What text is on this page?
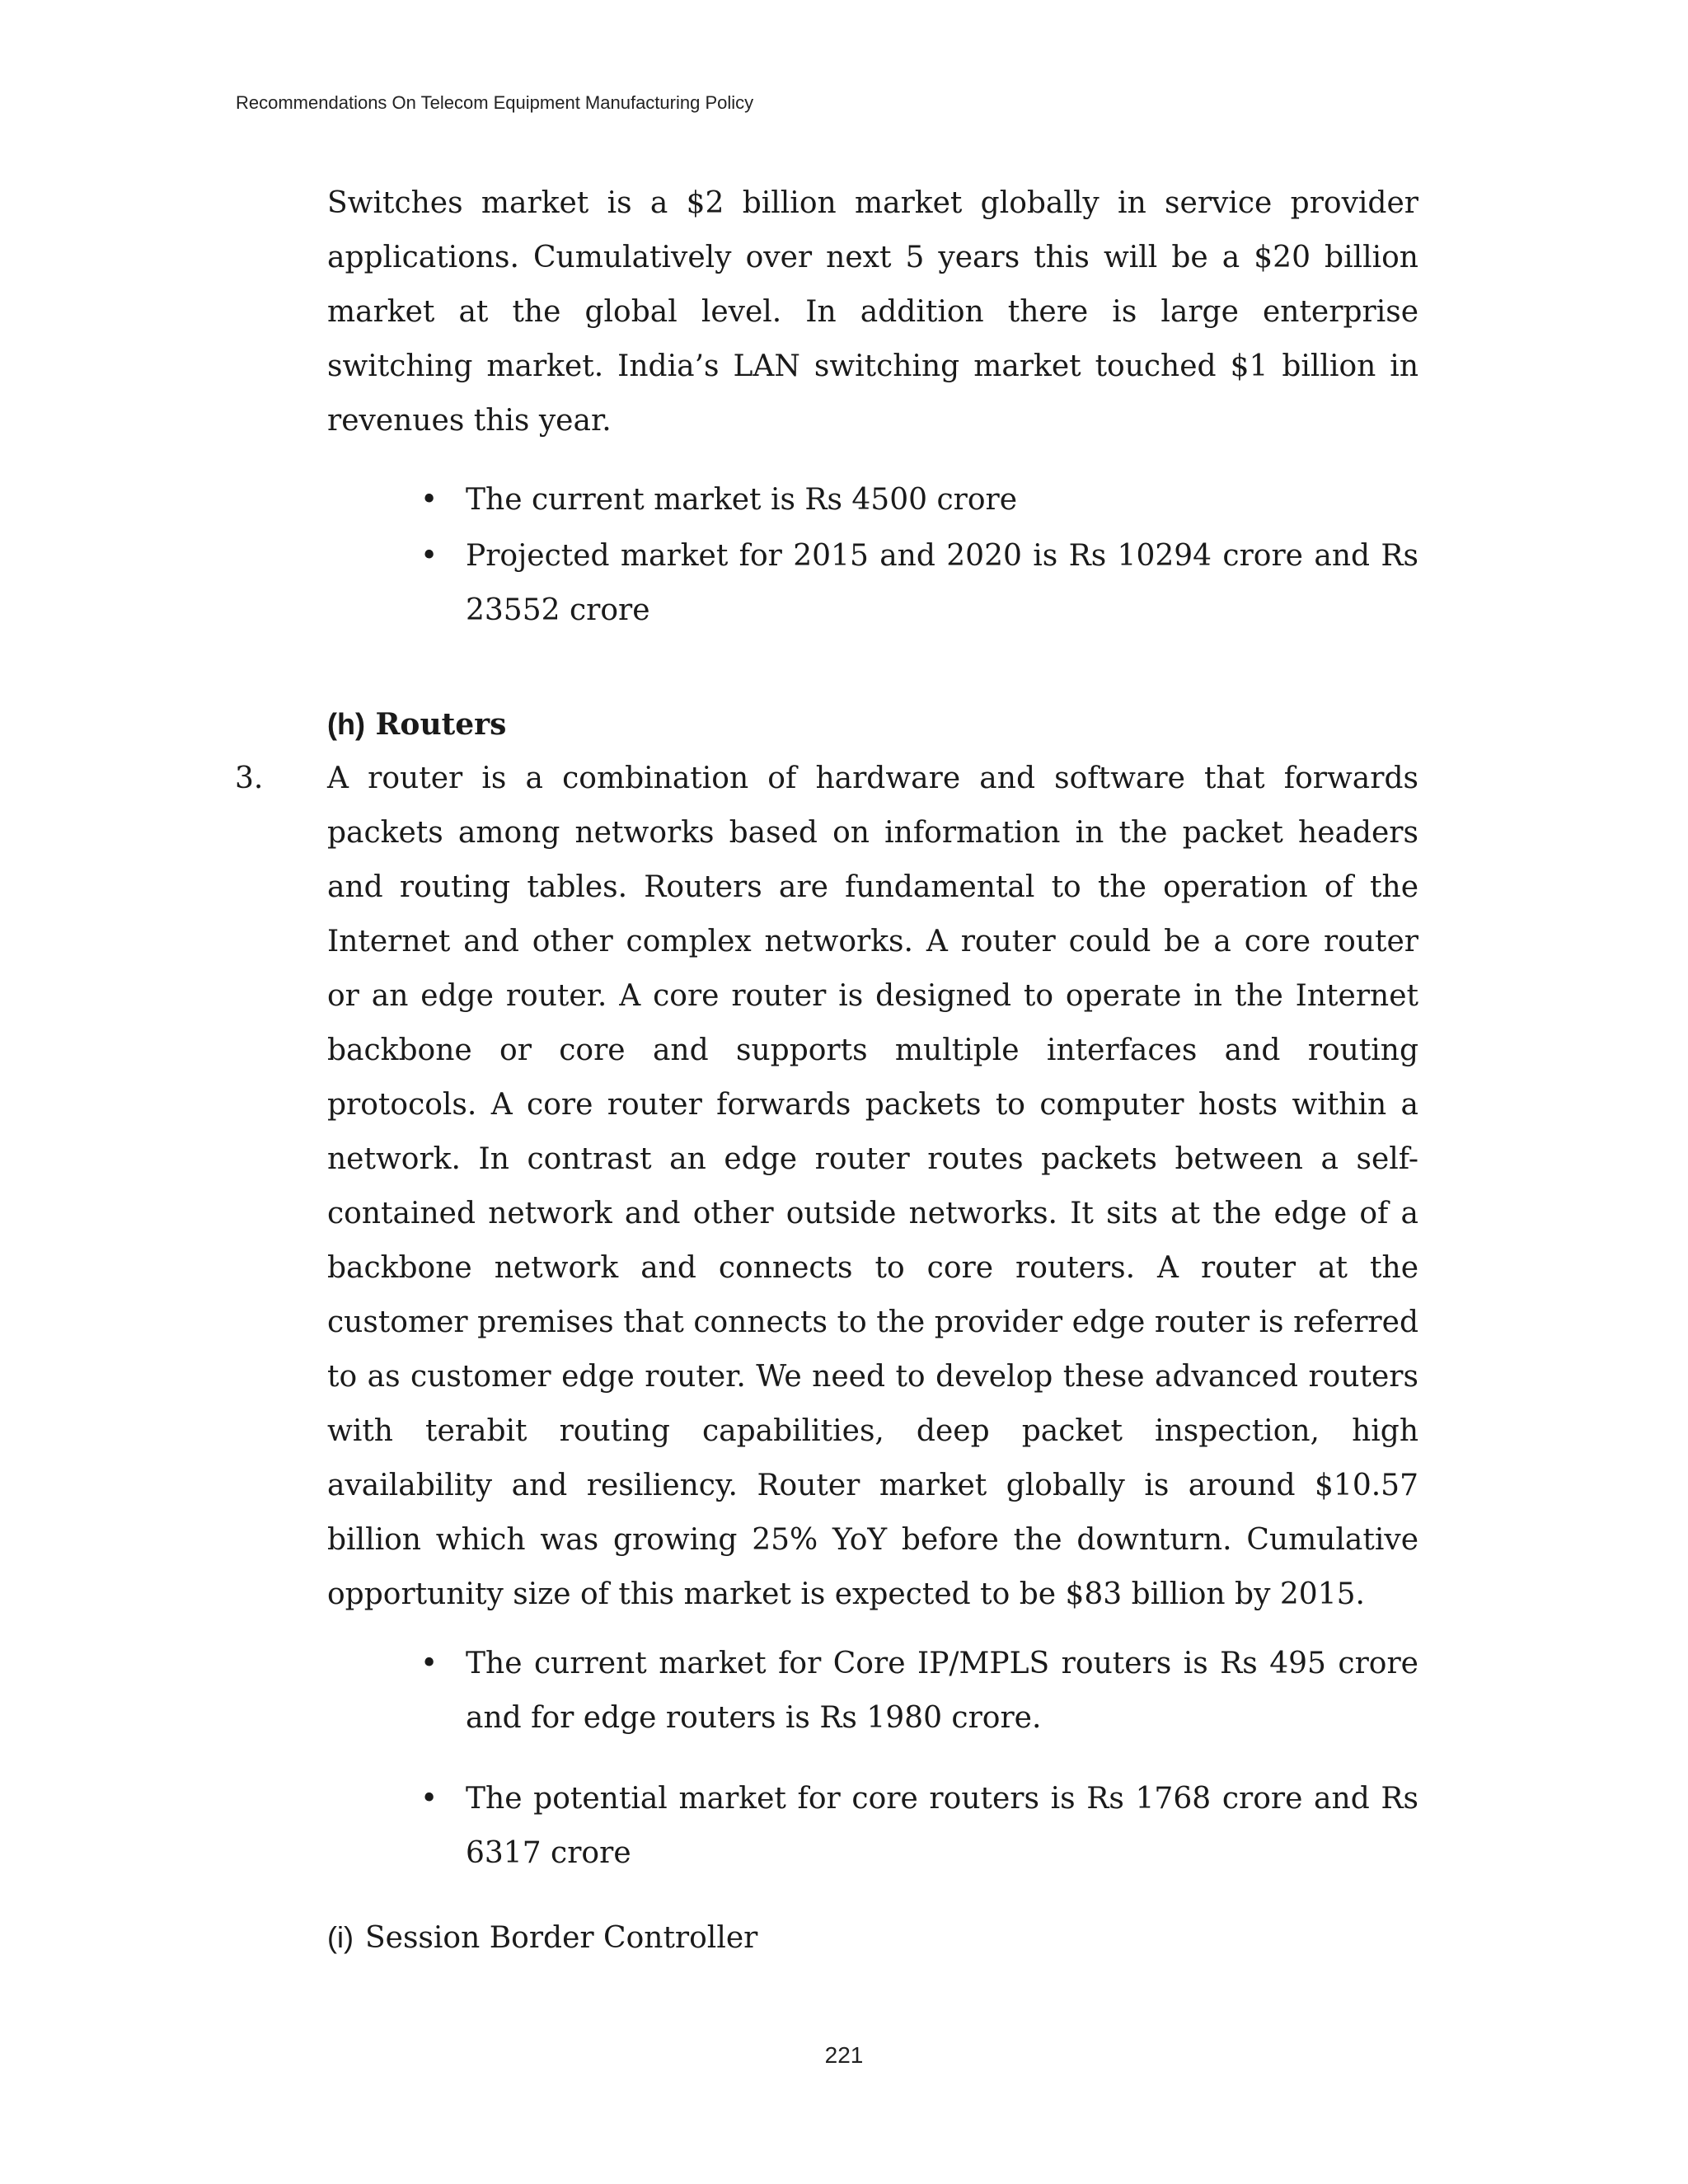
Recommendations On Telecom Equipment Manufacturing Policy

Switches market is a $2 billion market globally in service provider applications. Cumulatively over next 5 years this will be a $20 billion market at the global level. In addition there is large enterprise switching market. India’s LAN switching market touched $1 billion in revenues this year.

• The current market is Rs 4500 crore
• Projected market for 2015 and 2020 is Rs 10294 crore and Rs 23552 crore
(h) Routers
3. A router is a combination of hardware and software that forwards packets among networks based on information in the packet headers and routing tables. Routers are fundamental to the operation of the Internet and other complex networks. A router could be a core router or an edge router. A core router is designed to operate in the Internet backbone or core and supports multiple interfaces and routing protocols. A core router forwards packets to computer hosts within a network. In contrast an edge router routes packets between a self-contained network and other outside networks. It sits at the edge of a backbone network and connects to core routers. A router at the customer premises that connects to the provider edge router is referred to as customer edge router. We need to develop these advanced routers with terabit routing capabilities, deep packet inspection, high availability and resiliency. Router market globally is around $10.57 billion which was growing 25% YoY before the downturn. Cumulative opportunity size of this market is expected to be $83 billion by 2015.

• The current market for Core IP/MPLS routers is Rs 495 crore and for edge routers is Rs 1980 crore.
• The potential market for core routers is Rs 1768 crore and Rs 6317 crore
(i) Session Border Controller
221
